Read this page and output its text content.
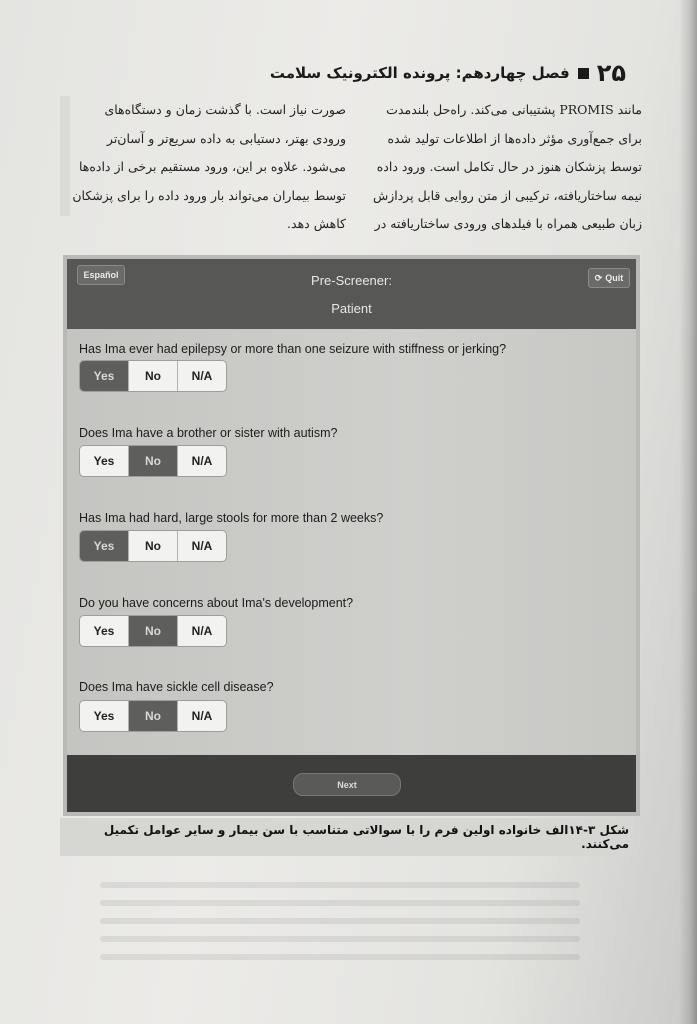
۲۵
فصل چهاردهم: پرونده الکترونیک سلامت

مانند PROMIS پشتیبانی می‌کند. راه‌حل بلندمدت

برای جمع‌آوری مؤثر داده‌ها از اطلاعات تولید شده

توسط پزشکان هنوز در حال تکامل است. ورود داده

نیمه ساختاریافته، ترکیبی از متن روایی قابل پردازش

زبان طبیعی همراه با فیلدهای ورودی ساختاریافته در

صورت نیاز است. با گذشت زمان و دستگاه‌های

ورودی بهتر، دستیابی به داده سریع‌تر و آسان‌تر

می‌شود. علاوه بر این، ورود مستقیم برخی از داده‌ها

توسط بیماران می‌تواند بار ورود داده را برای پزشکان

کاهش دهد.

Español	Pre-Screener:
Patient
⟳ Quit
Has Ima ever had epilepsy or more than one seizure with stiffness or jerking?
Yes	No	N/A
Does Ima have a brother or sister with autism?
Yes	No	N/A
Has Ima had hard, large stools for more than 2 weeks?
Yes	No	N/A
Do you have concerns about Ima's development?
Yes	No	N/A
Does Ima have sickle cell disease?
Yes	No	N/A
Next
شکل ۳-۱۴الف خانواده اولین فرم را با سوالاتی متناسب با سن بیمار و سایر عوامل تکمیل می‌کنند.
